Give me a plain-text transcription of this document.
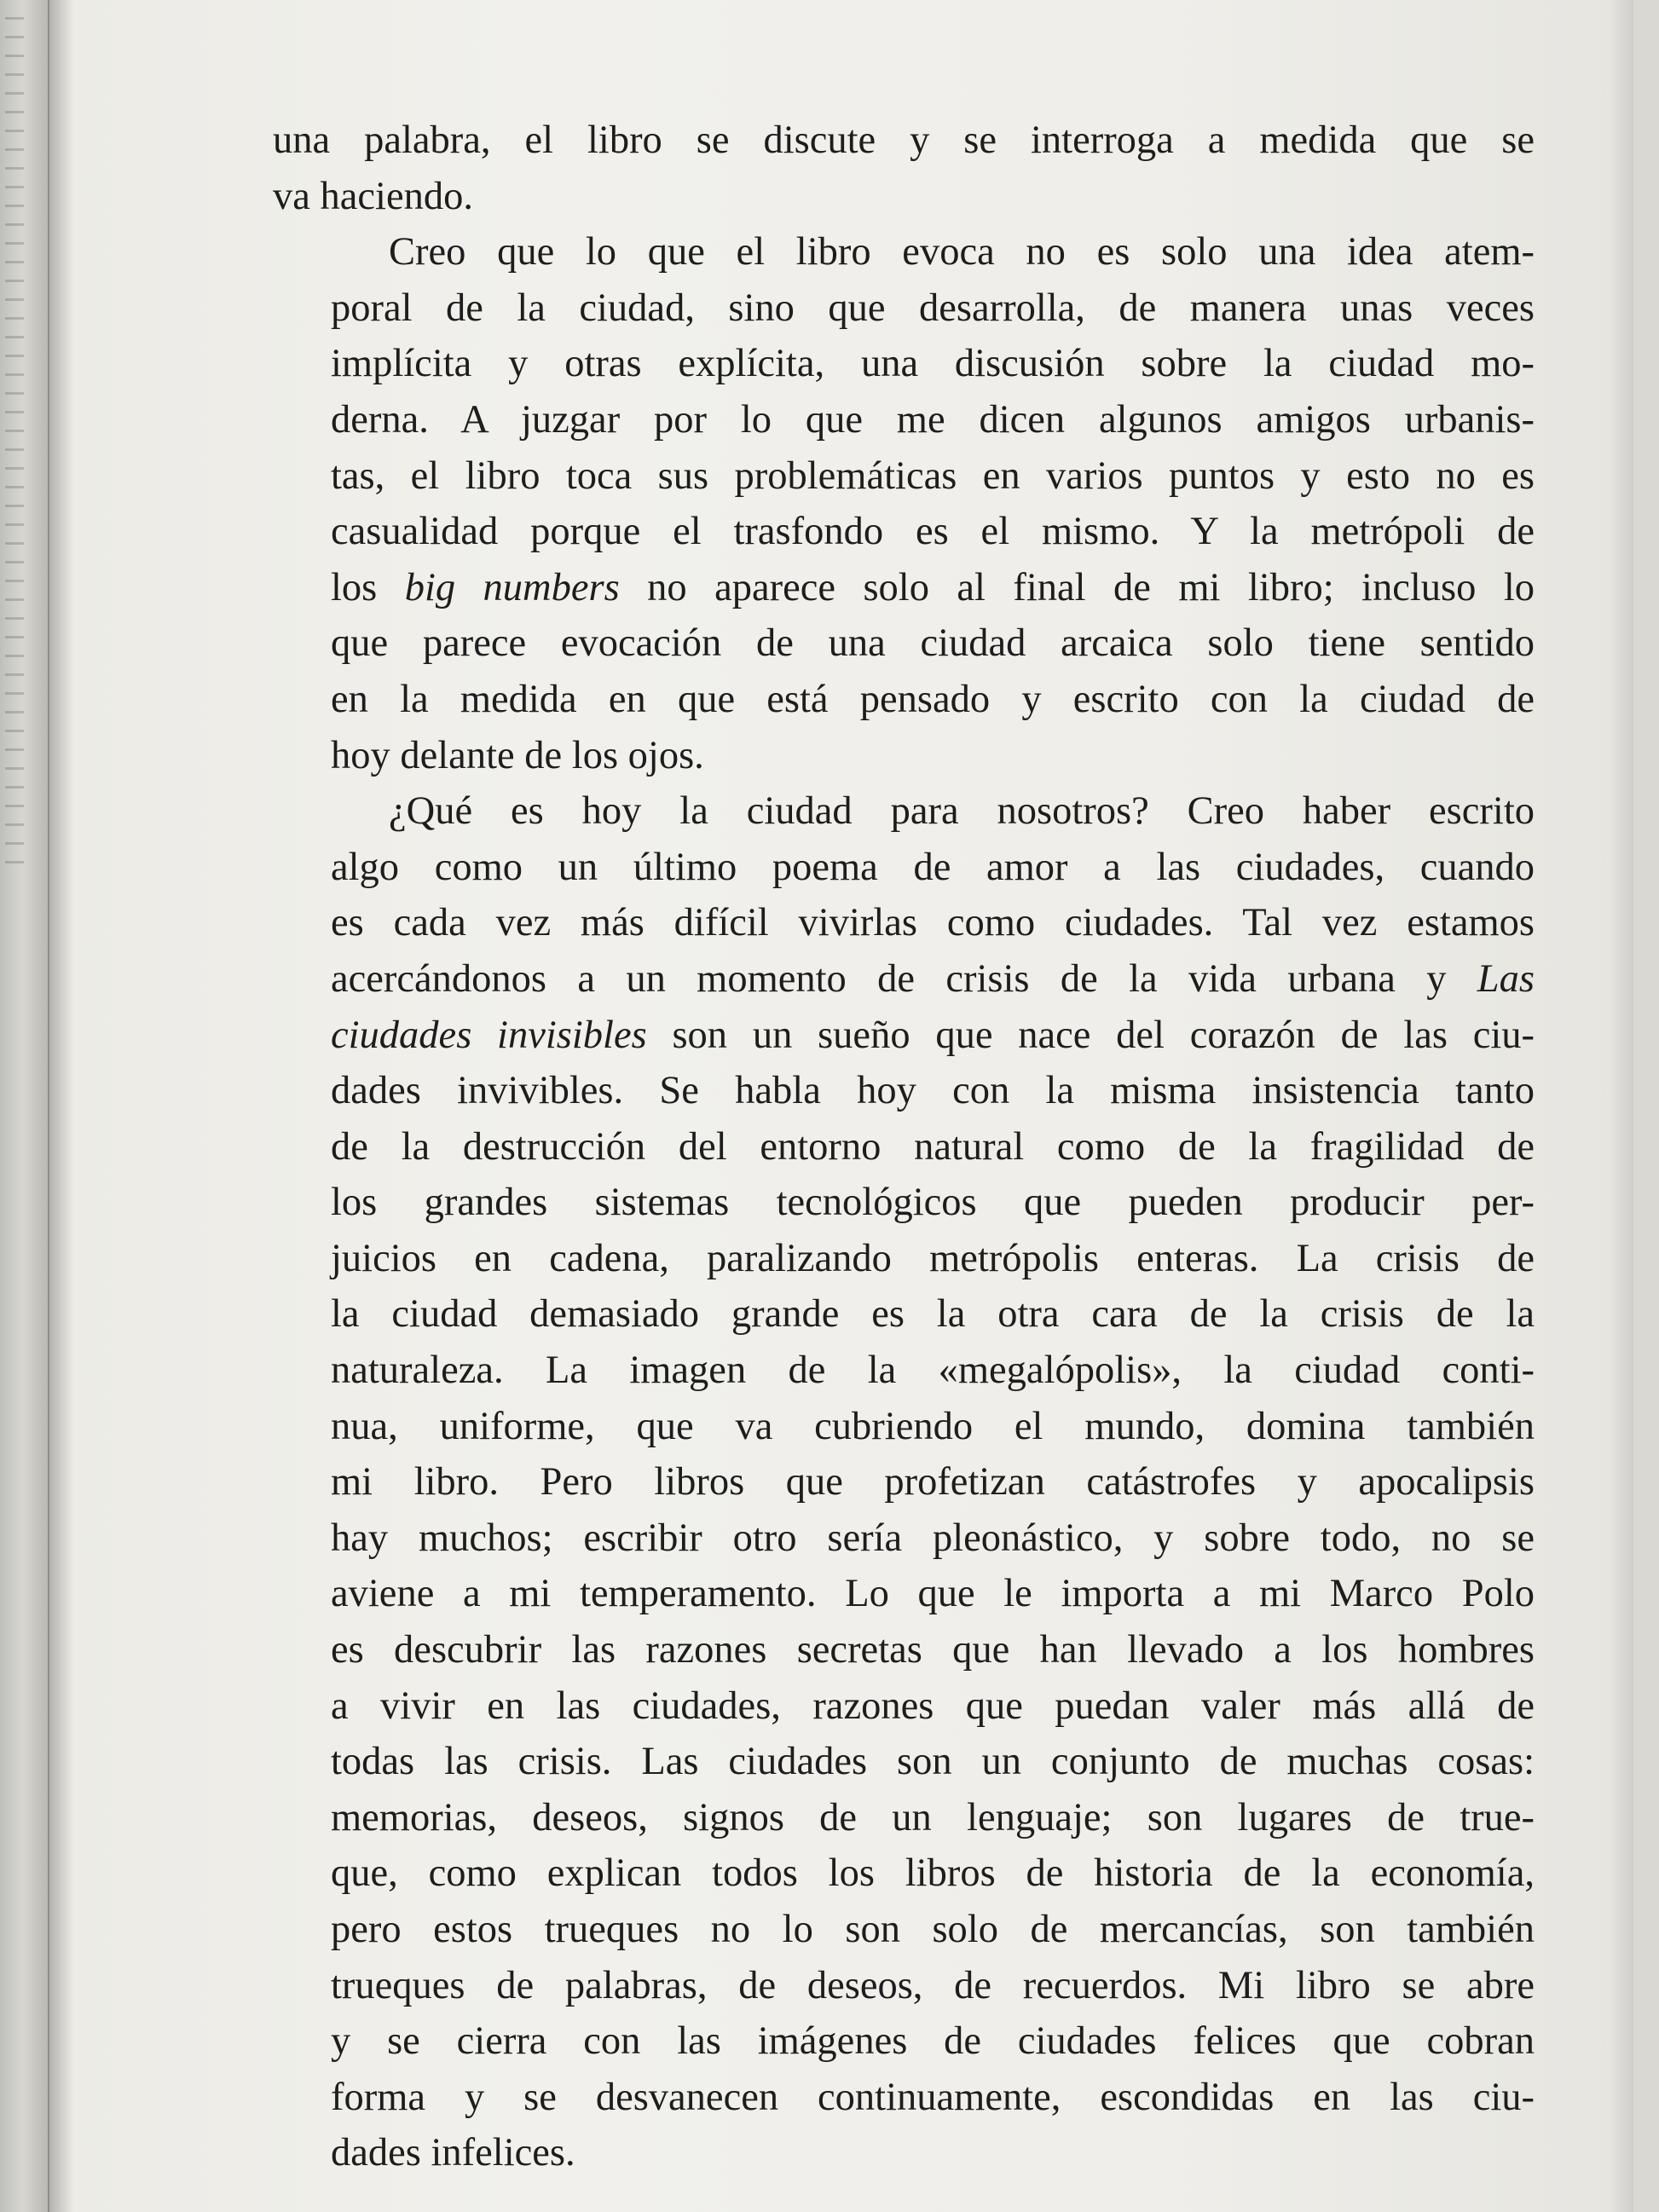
una palabra, el libro se discute y se interroga a medida que se
va haciendo.
Creo que lo que el libro evoca no es solo una idea atem-
poral de la ciudad, sino que desarrolla, de manera unas veces
implícita y otras explícita, una discusión sobre la ciudad mo-
derna. A juzgar por lo que me dicen algunos amigos urbanis-
tas, el libro toca sus problemáticas en varios puntos y esto no es
casualidad porque el trasfondo es el mismo. Y la metrópoli de
los big numbers no aparece solo al final de mi libro; incluso lo
que parece evocación de una ciudad arcaica solo tiene sentido
en la medida en que está pensado y escrito con la ciudad de
hoy delante de los ojos.
¿Qué es hoy la ciudad para nosotros? Creo haber escrito
algo como un último poema de amor a las ciudades, cuando
es cada vez más difícil vivirlas como ciudades. Tal vez estamos
acercándonos a un momento de crisis de la vida urbana y Las
ciudades invisibles son un sueño que nace del corazón de las ciu-
dades invivibles. Se habla hoy con la misma insistencia tanto
de la destrucción del entorno natural como de la fragilidad de
los grandes sistemas tecnológicos que pueden producir per-
juicios en cadena, paralizando metrópolis enteras. La crisis de
la ciudad demasiado grande es la otra cara de la crisis de la
naturaleza. La imagen de la «megalópolis», la ciudad conti-
nua, uniforme, que va cubriendo el mundo, domina también
mi libro. Pero libros que profetizan catástrofes y apocalipsis
hay muchos; escribir otro sería pleonástico, y sobre todo, no se
aviene a mi temperamento. Lo que le importa a mi Marco Polo
es descubrir las razones secretas que han llevado a los hombres
a vivir en las ciudades, razones que puedan valer más allá de
todas las crisis. Las ciudades son un conjunto de muchas cosas:
memorias, deseos, signos de un lenguaje; son lugares de true-
que, como explican todos los libros de historia de la economía,
pero estos trueques no lo son solo de mercancías, son también
trueques de palabras, de deseos, de recuerdos. Mi libro se abre
y se cierra con las imágenes de ciudades felices que cobran
forma y se desvanecen continuamente, escondidas en las ciu-
dades infelices.
